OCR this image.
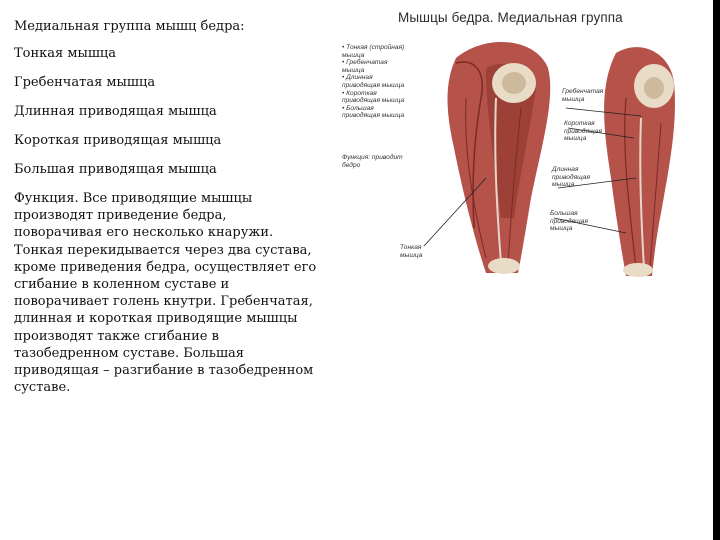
Медиальная группа мышц бедра:

Тонкая мышца

Гребенчатая мышца

Длинная приводящая мышца

Короткая приводящая мышца

Большая приводящая мышца

Функция. Все приводящие мышцы
производят приведение бедра,
поворачивая его несколько кнаружи.
Тонкая перекидывается через два сустава,
кроме приведения бедра, осуществляет его
сгибание в коленном суставе и
поворачивает голень кнутри. Гребенчатая,
длинная и короткая приводящие мышцы
производят также сгибание в
тазобедренном суставе. Большая
приводящая – разгибание в тазобедренном
суставе.
Мышцы бедра. Медиальная группа
• Тонкая (стройная)
мышца
• Гребенчатая
мышца
• Длинная
приводящая мышца
• Короткая
приводящая мышца
• Большая
приводящая мышца
Функция: приводит
бедро
Гребенчатая
мышца
Короткая
приводящая
мышца
Длинная
приводящая
мышца
Большая
приводящая
мышца
Тонкая
мышца
